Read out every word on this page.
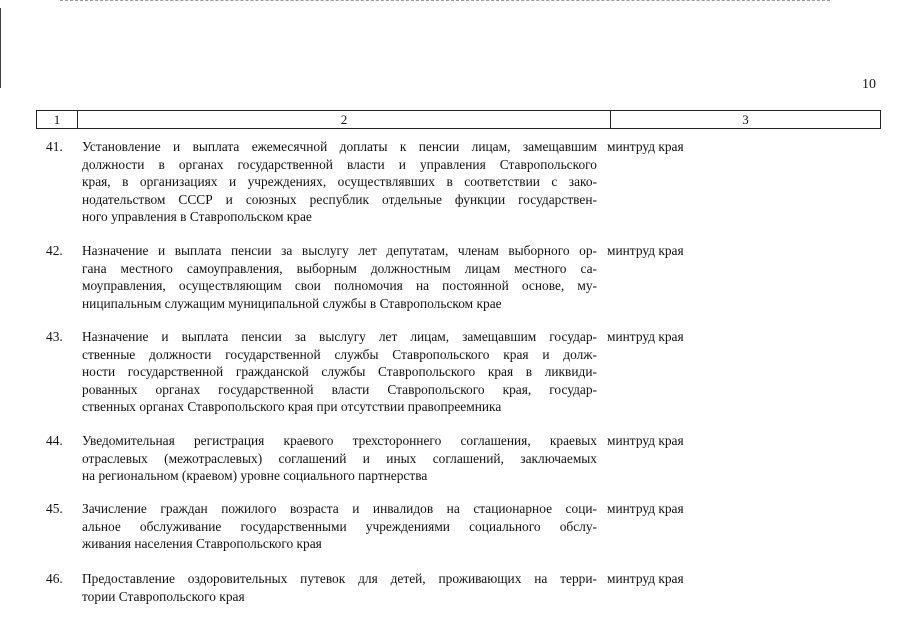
10
1	2	3
41. Установление и выплата ежемесячной доплаты к пенсии лицам, замещавшим
должности в органах государственной власти и управления Ставропольского
края, в организациях и учреждениях, осуществлявших в соответствии с зако-
нодательством СССР и союзных республик отдельные функции государствен-
ного управления в Ставропольском крае
минтруд края
42. Назначение и выплата пенсии за выслугу лет депутатам, членам выборного ор-
гана местного самоуправления, выборным должностным лицам местного са-
моуправления, осуществляющим свои полномочия на постоянной основе, му-
ниципальным служащим муниципальной службы в Ставропольском крае
минтруд края
43. Назначение и выплата пенсии за выслугу лет лицам, замещавшим государ-
ственные должности государственной службы Ставропольского края и долж-
ности государственной гражданской службы Ставропольского края в ликвиди-
рованных органах государственной власти Ставропольского края, государ-
ственных органах Ставропольского края при отсутствии правопреемника
минтруд края
44. Уведомительная регистрация краевого трехстороннего соглашения, краевых
отраслевых (межотраслевых) соглашений и иных соглашений, заключаемых
на региональном (краевом) уровне социального партнерства
минтруд края
45. Зачисление граждан пожилого возраста и инвалидов на стационарное соци-
альное обслуживание государственными учреждениями социального обслу-
живания населения Ставропольского края
минтруд края
46. Предоставление оздоровительных путевок для детей, проживающих на терри-
тории Ставропольского края
минтруд края
